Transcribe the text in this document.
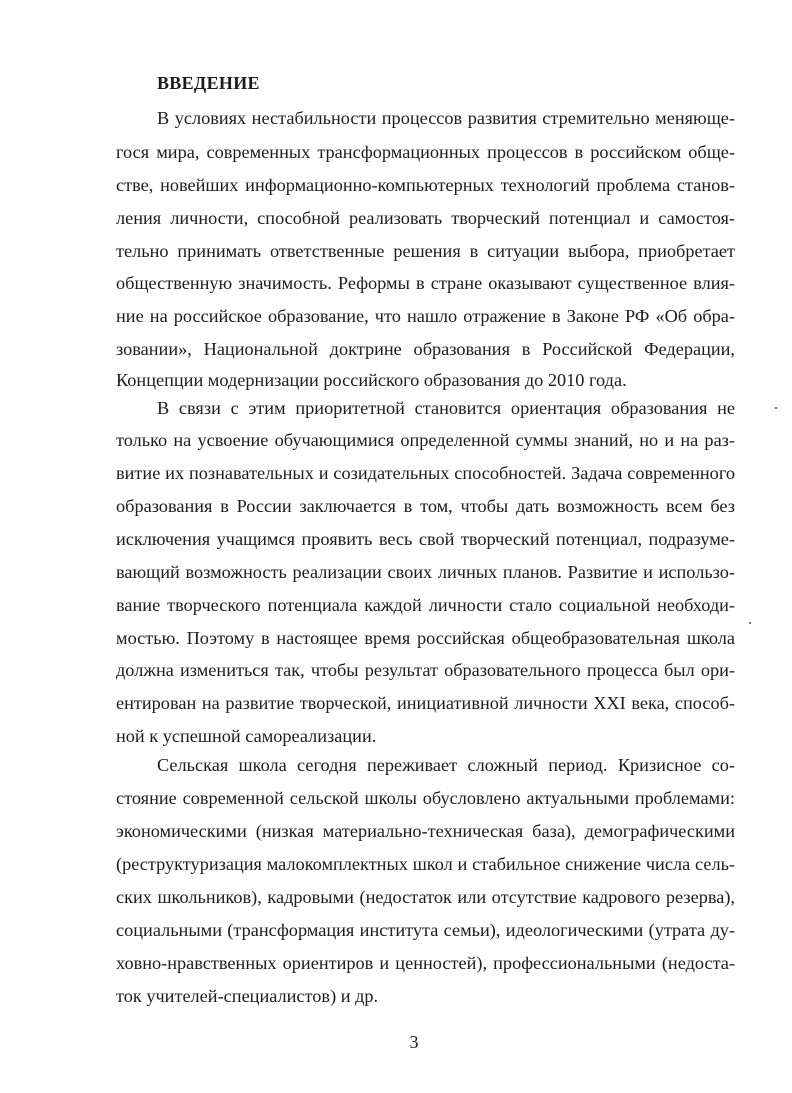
ВВЕДЕНИЕ
В условиях нестабильности процессов развития стремительно меняюще-
гося мира, современных трансформационных процессов в российском обще-
стве, новейших информационно-компьютерных технологий проблема станов-
ления личности, способной реализовать творческий потенциал и самостоя-
тельно принимать ответственные решения в ситуации выбора, приобретает
общественную значимость. Реформы в стране оказывают существенное влия-
ние на российское образование, что нашло отражение в Законе РФ «Об обра-
зовании», Национальной доктрине образования в Российской Федерации,
Концепции модернизации российского образования до 2010 года.
В связи с этим приоритетной становится ориентация образования не
только на усвоение обучающимися определенной суммы знаний, но и на раз-
витие их познавательных и созидательных способностей. Задача современного
образования в России заключается в том, чтобы дать возможность всем без
исключения учащимся проявить весь свой творческий потенциал, подразуме-
вающий возможность реализации своих личных планов. Развитие и использо-
вание творческого потенциала каждой личности стало социальной необходи-
мостью. Поэтому в настоящее время российская общеобразовательная школа
должна измениться так, чтобы результат образовательного процесса был ори-
ентирован на развитие творческой, инициативной личности XXI века, способ-
ной к успешной самореализации.
Сельская школа сегодня переживает сложный период. Кризисное со-
стояние современной сельской школы обусловлено актуальными проблемами:
экономическими (низкая материально-техническая база), демографическими
(реструктуризация малокомплектных школ и стабильное снижение числа сель-
ских школьников), кадровыми (недостаток или отсутствие кадрового резерва),
социальными (трансформация института семьи), идеологическими (утрата ду-
ховно-нравственных ориентиров и ценностей), профессиональными (недоста-
ток учителей-специалистов) и др.
3
